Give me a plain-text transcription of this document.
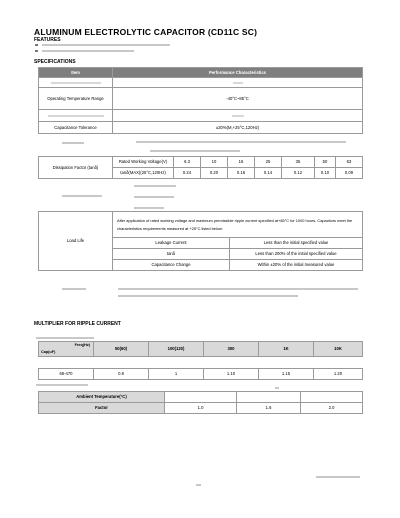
ALUMINUM ELECTROLYTIC CAPACITOR (CD11C SC)
FEATURES
SPECIFICATIONS
Item	Performance Characteristics

Operating Temperature Range	-40°C~85°C

Capacitance Tolerance	±20%(M,+25°C,120Hz)
Dissipation Factor (tanδ)	Rated Working Voltage(V)	6.3	10	16	25	35	50	63
	tanδ(MAX)(25°C,120Hz)	0.24	0.20	0.16	0.14	0.12	0.10	0.09
Load Life	After application of rated working voltage and maximum permissible ripple current specified at+85°C for 1000 hours, Capacitors meet the characteristics requirements measured at +25°C listed below:	
	Leakage Current	Less than the initial specified value
	tanδ	Less than 200% of the initial specified value
	Capacitance Change	Within ±20% of the initial measured value
MULTIPLIER FOR RIPPLE CURRENT
Freq(Hz)
Cap(uF)	50(60)	100(120)	300	1K	10K

68-470	0.8	1	1.10	1.15	1.20
Ambient Temperature(°C)			
Factor	1.0	1.6	2.0
